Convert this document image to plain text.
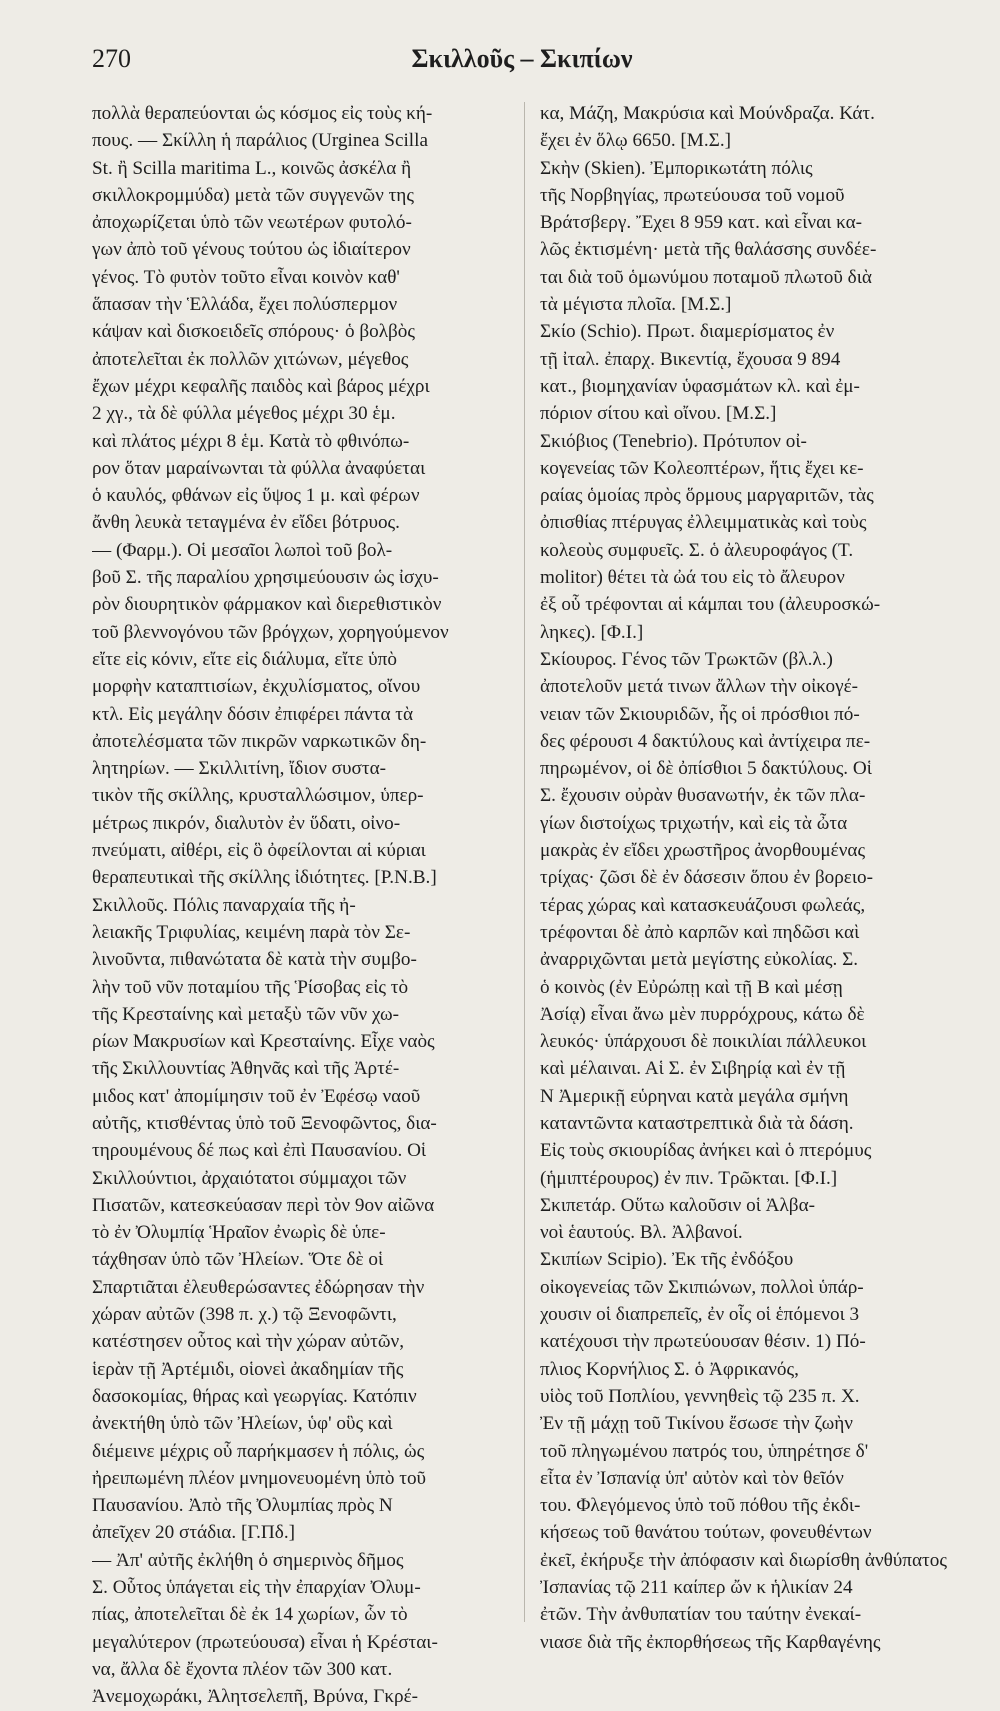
270	Σκιλλοῦς – Σκιπίων
πολλὰ θεραπεύονται ὡς κόσμος εἰς τοὺς κή-
πους. — Σκίλλη ἡ παράλιος (Urginea Scilla
St. ἢ Scilla maritima L., κοινῶς ἀσκέλα ἢ
σκιλλοκρομμύδα) μετὰ τῶν συγγενῶν της
ἀποχωρίζεται ὑπὸ τῶν νεωτέρων φυτολό-
γων ἀπὸ τοῦ γένους τούτου ὡς ἰδιαίτερον
γένος. Τὸ φυτὸν τοῦτο εἶναι κοινὸν καθ'
ἅπασαν τὴν Ἑλλάδα, ἔχει πολύσπερμον
κάψαν καὶ δισκοειδεῖς σπόρους· ὁ βολβὸς
ἀποτελεῖται ἐκ πολλῶν χιτώνων, μέγεθος
ἔχων μέχρι κεφαλῆς παιδὸς καὶ βάρος μέχρι
2 χγ., τὰ δὲ φύλλα μέγεθος μέχρι 30 ἑμ.
καὶ πλάτος μέχρι 8 ἑμ. Κατὰ τὸ φθινόπω-
ρον ὅταν μαραίνωνται τὰ φύλλα ἀναφύεται
ὁ καυλός, φθάνων εἰς ὕψος 1 μ. καὶ φέρων
ἄνθη λευκὰ τεταγμένα ἐν εἴδει βότρυος.
— (Φαρμ.). Οἱ μεσαῖοι λωποὶ τοῦ βολ-
βοῦ Σ. τῆς παραλίου χρησιμεύουσιν ὡς ἰσχυ-
ρὸν διουρητικὸν φάρμακον καὶ διερεθιστικὸν
τοῦ βλεννογόνου τῶν βρόγχων, χορηγούμενον
εἴτε εἰς κόνιν, εἴτε εἰς διάλυμα, εἴτε ὑπὸ
μορφὴν καταπτισίων, ἐκχυλίσματος, οἴνου
κτλ. Εἰς μεγάλην δόσιν ἐπιφέρει πάντα τὰ
ἀποτελέσματα τῶν πικρῶν ναρκωτικῶν δη-
λητηρίων. — Σκιλλιτίνη, ἴδιον συστα-
τικὸν τῆς σκίλλης, κρυσταλλώσιμον, ὑπερ-
μέτρως πικρόν, διαλυτὸν ἐν ὕδατι, οἰνο-
πνεύματι, αἰθέρι, εἰς ὃ ὀφείλονται αἱ κύριαι
θεραπευτικαὶ τῆς σκίλλης ἰδιότητες. [Ρ.Ν.Β.]
Σκιλλοῦς. Πόλις παναρχαία τῆς ἠ-
λειακῆς Τριφυλίας, κειμένη παρὰ τὸν Σε-
λινοῦντα, πιθανώτατα δὲ κατὰ τὴν συμβο-
λὴν τοῦ νῦν ποταμίου τῆς Ῥίσοβας εἰς τὸ
τῆς Κρεσταίνης καὶ μεταξὺ τῶν νῦν χω-
ρίων Μακρυσίων καὶ Κρεσταίνης. Εἶχε ναὸς
τῆς Σκιλλουντίας Ἀθηνᾶς καὶ τῆς Ἀρτέ-
μιδος κατ' ἀπομίμησιν τοῦ ἐν Ἐφέσῳ ναοῦ
αὐτῆς, κτισθέντας ὑπὸ τοῦ Ξενοφῶντος, δια-
τηρουμένους δέ πως καὶ ἐπὶ Παυσανίου. Οἱ
Σκιλλούντιοι, ἀρχαιότατοι σύμμαχοι τῶν
Πισατῶν, κατεσκεύασαν περὶ τὸν 9ον αἰῶνα
τὸ ἐν Ὀλυμπίᾳ Ἡραῖον ἐνωρὶς δὲ ὑπε-
τάχθησαν ὑπὸ τῶν Ἠλείων. Ὅτε δὲ οἱ
Σπαρτιᾶται ἐλευθερώσαντες ἐδώρησαν τὴν
χώραν αὐτῶν (398 π. χ.) τῷ Ξενοφῶντι,
κατέστησεν οὗτος καὶ τὴν χώραν αὐτῶν,
ἱερὰν τῇ Ἀρτέμιδι, οἱονεὶ ἀκαδημίαν τῆς
δασοκομίας, θήρας καὶ γεωργίας. Κατόπιν
ἀνεκτήθη ὑπὸ τῶν Ἠλείων, ὑφ' οὓς καὶ
διέμεινε μέχρις οὗ παρήκμασεν ἡ πόλις, ὡς
ἠρειπωμένη πλέον μνημονευομένη ὑπὸ τοῦ
Παυσανίου. Ἀπὸ τῆς Ὀλυμπίας πρὸς Ν
ἀπεῖχεν 20 στάδια. [Γ.Πδ.]
— Ἀπ' αὐτῆς ἐκλήθη ὁ σημερινὸς δῆμος
Σ. Οὗτος ὑπάγεται εἰς τὴν ἐπαρχίαν Ὀλυμ-
πίας, ἀποτελεῖται δὲ ἐκ 14 χωρίων, ὧν τὸ
μεγαλύτερον (πρωτεύουσα) εἶναι ἡ Κρέσται-
να, ἄλλα δὲ ἔχοντα πλέον τῶν 300 κατ.
Ἀνεμοχωράκι, Ἀλητσελεπῆ, Βρύνα, Γκρέ-
κα, Μάζη, Μακρύσια καὶ Μούνδραζα. Κάτ.
ἔχει ἐν ὅλῳ 6650. [Μ.Σ.]
Σκὴν (Skien). Ἐμπορικωτάτη πόλις
τῆς Νορβηγίας, πρωτεύουσα τοῦ νομοῦ
Βράτσβεργ. Ἔχει 8 959 κατ. καὶ εἶναι κα-
λῶς ἐκτισμένη· μετὰ τῆς θαλάσσης συνδέε-
ται διὰ τοῦ ὁμωνύμου ποταμοῦ πλωτοῦ διὰ
τὰ μέγιστα πλοῖα. [Μ.Σ.]
Σκίο (Schio). Πρωτ. διαμερίσματος ἐν
τῇ ἰταλ. ἐπαρχ. Βικεντίᾳ, ἔχουσα 9 894
κατ., βιομηχανίαν ὑφασμάτων κλ. καὶ ἐμ-
πόριον σίτου καὶ οἴνου. [Μ.Σ.]
Σκιόβιος (Tenebrio). Πρότυπον οἰ-
κογενείας τῶν Κολεοπτέρων, ἥτις ἔχει κε-
ραίας ὁμοίας πρὸς ὅρμους μαργαριτῶν, τὰς
ὀπισθίας πτέρυγας ἐλλειμματικὰς καὶ τοὺς
κολεοὺς συμφυεῖς. Σ. ὁ ἀλευροφάγος (Τ.
molitor) θέτει τὰ ὠά του εἰς τὸ ἄλευρον
ἐξ οὗ τρέφονται αἱ κάμπαι του (ἀλευροσκώ-
ληκες). [Φ.Ι.]
Σκίουρος. Γένος τῶν Τρωκτῶν (βλ.λ.)
ἀποτελοῦν μετά τινων ἄλλων τὴν οἰκογέ-
νειαν τῶν Σκιουριδῶν, ἧς οἱ πρόσθιοι πό-
δες φέρουσι 4 δακτύλους καὶ ἀντίχειρα πε-
πηρωμένον, οἱ δὲ ὀπίσθιοι 5 δακτύλους. Οἱ
Σ. ἔχουσιν οὐρὰν θυσανωτήν, ἐκ τῶν πλα-
γίων διστοίχως τριχωτήν, καὶ εἰς τὰ ὦτα
μακρὰς ἐν εἴδει χρωστῆρος ἀνορθουμένας
τρίχας· ζῶσι δὲ ἐν δάσεσιν ὅπου ἐν βορειο-
τέρας χώρας καὶ κατασκευάζουσι φωλεάς,
τρέφονται δὲ ἀπὸ καρπῶν καὶ πηδῶσι καὶ
ἀναρριχῶνται μετὰ μεγίστης εὐκολίας. Σ.
ὁ κοινὸς (ἐν Εὐρώπῃ καὶ τῇ Β καὶ μέσῃ
Ἀσίᾳ) εἶναι ἄνω μὲν πυρρόχρους, κάτω δὲ
λευκός· ὑπάρχουσι δὲ ποικιλίαι πάλλευκοι
καὶ μέλαιναι. Αἱ Σ. ἐν Σιβηρίᾳ καὶ ἐν τῇ
Ν Ἀμερικῇ εὑρηναι κατὰ μεγάλα σμήνη
καταντῶντα καταστρεπτικὰ διὰ τὰ δάση.
Εἰς τοὺς σκιουρίδας ἀνήκει καὶ ὁ πτερόμυς
(ἡμιπτέρουρος) ἐν πιν. Τρῶκται. [Φ.Ι.]
Σκιπετάρ. Οὕτω καλοῦσιν οἱ Ἀλβα-
νοὶ ἑαυτούς. Βλ. Ἀλβανοί.
Σκιπίων Scipio). Ἐκ τῆς ἐνδόξου
οἰκογενείας τῶν Σκιπιώνων, πολλοὶ ὑπάρ-
χουσιν οἱ διαπρεπεῖς, ἐν οἷς οἱ ἑπόμενοι 3
κατέχουσι τὴν πρωτεύουσαν θέσιν. 1) Πό-
πλιος Κορνήλιος Σ. ὁ Ἀφρικανός,
υἱὸς τοῦ Ποπλίου, γεννηθεὶς τῷ 235 π. Χ.
Ἐν τῇ μάχῃ τοῦ Τικίνου ἔσωσε τὴν ζωὴν
τοῦ πληγωμένου πατρός του, ὑπηρέτησε δ'
εἶτα ἐν Ἰσπανίᾳ ὑπ' αὐτὸν καὶ τὸν θεῖόν
του. Φλεγόμενος ὑπὸ τοῦ πόθου τῆς ἐκδι-
κήσεως τοῦ θανάτου τούτων, φονευθέντων
ἐκεῖ, ἐκήρυξε τὴν ἀπόφασιν καὶ διωρίσθη ἀνθύπατος
Ἰσπανίας τῷ 211 καίπερ ὤν κ ἡλικίαν 24
ἐτῶν. Τὴν ἀνθυπατίαν του ταύτην ἐνεκαί-
νιασε διὰ τῆς ἐκπορθήσεως τῆς Καρθαγένης
